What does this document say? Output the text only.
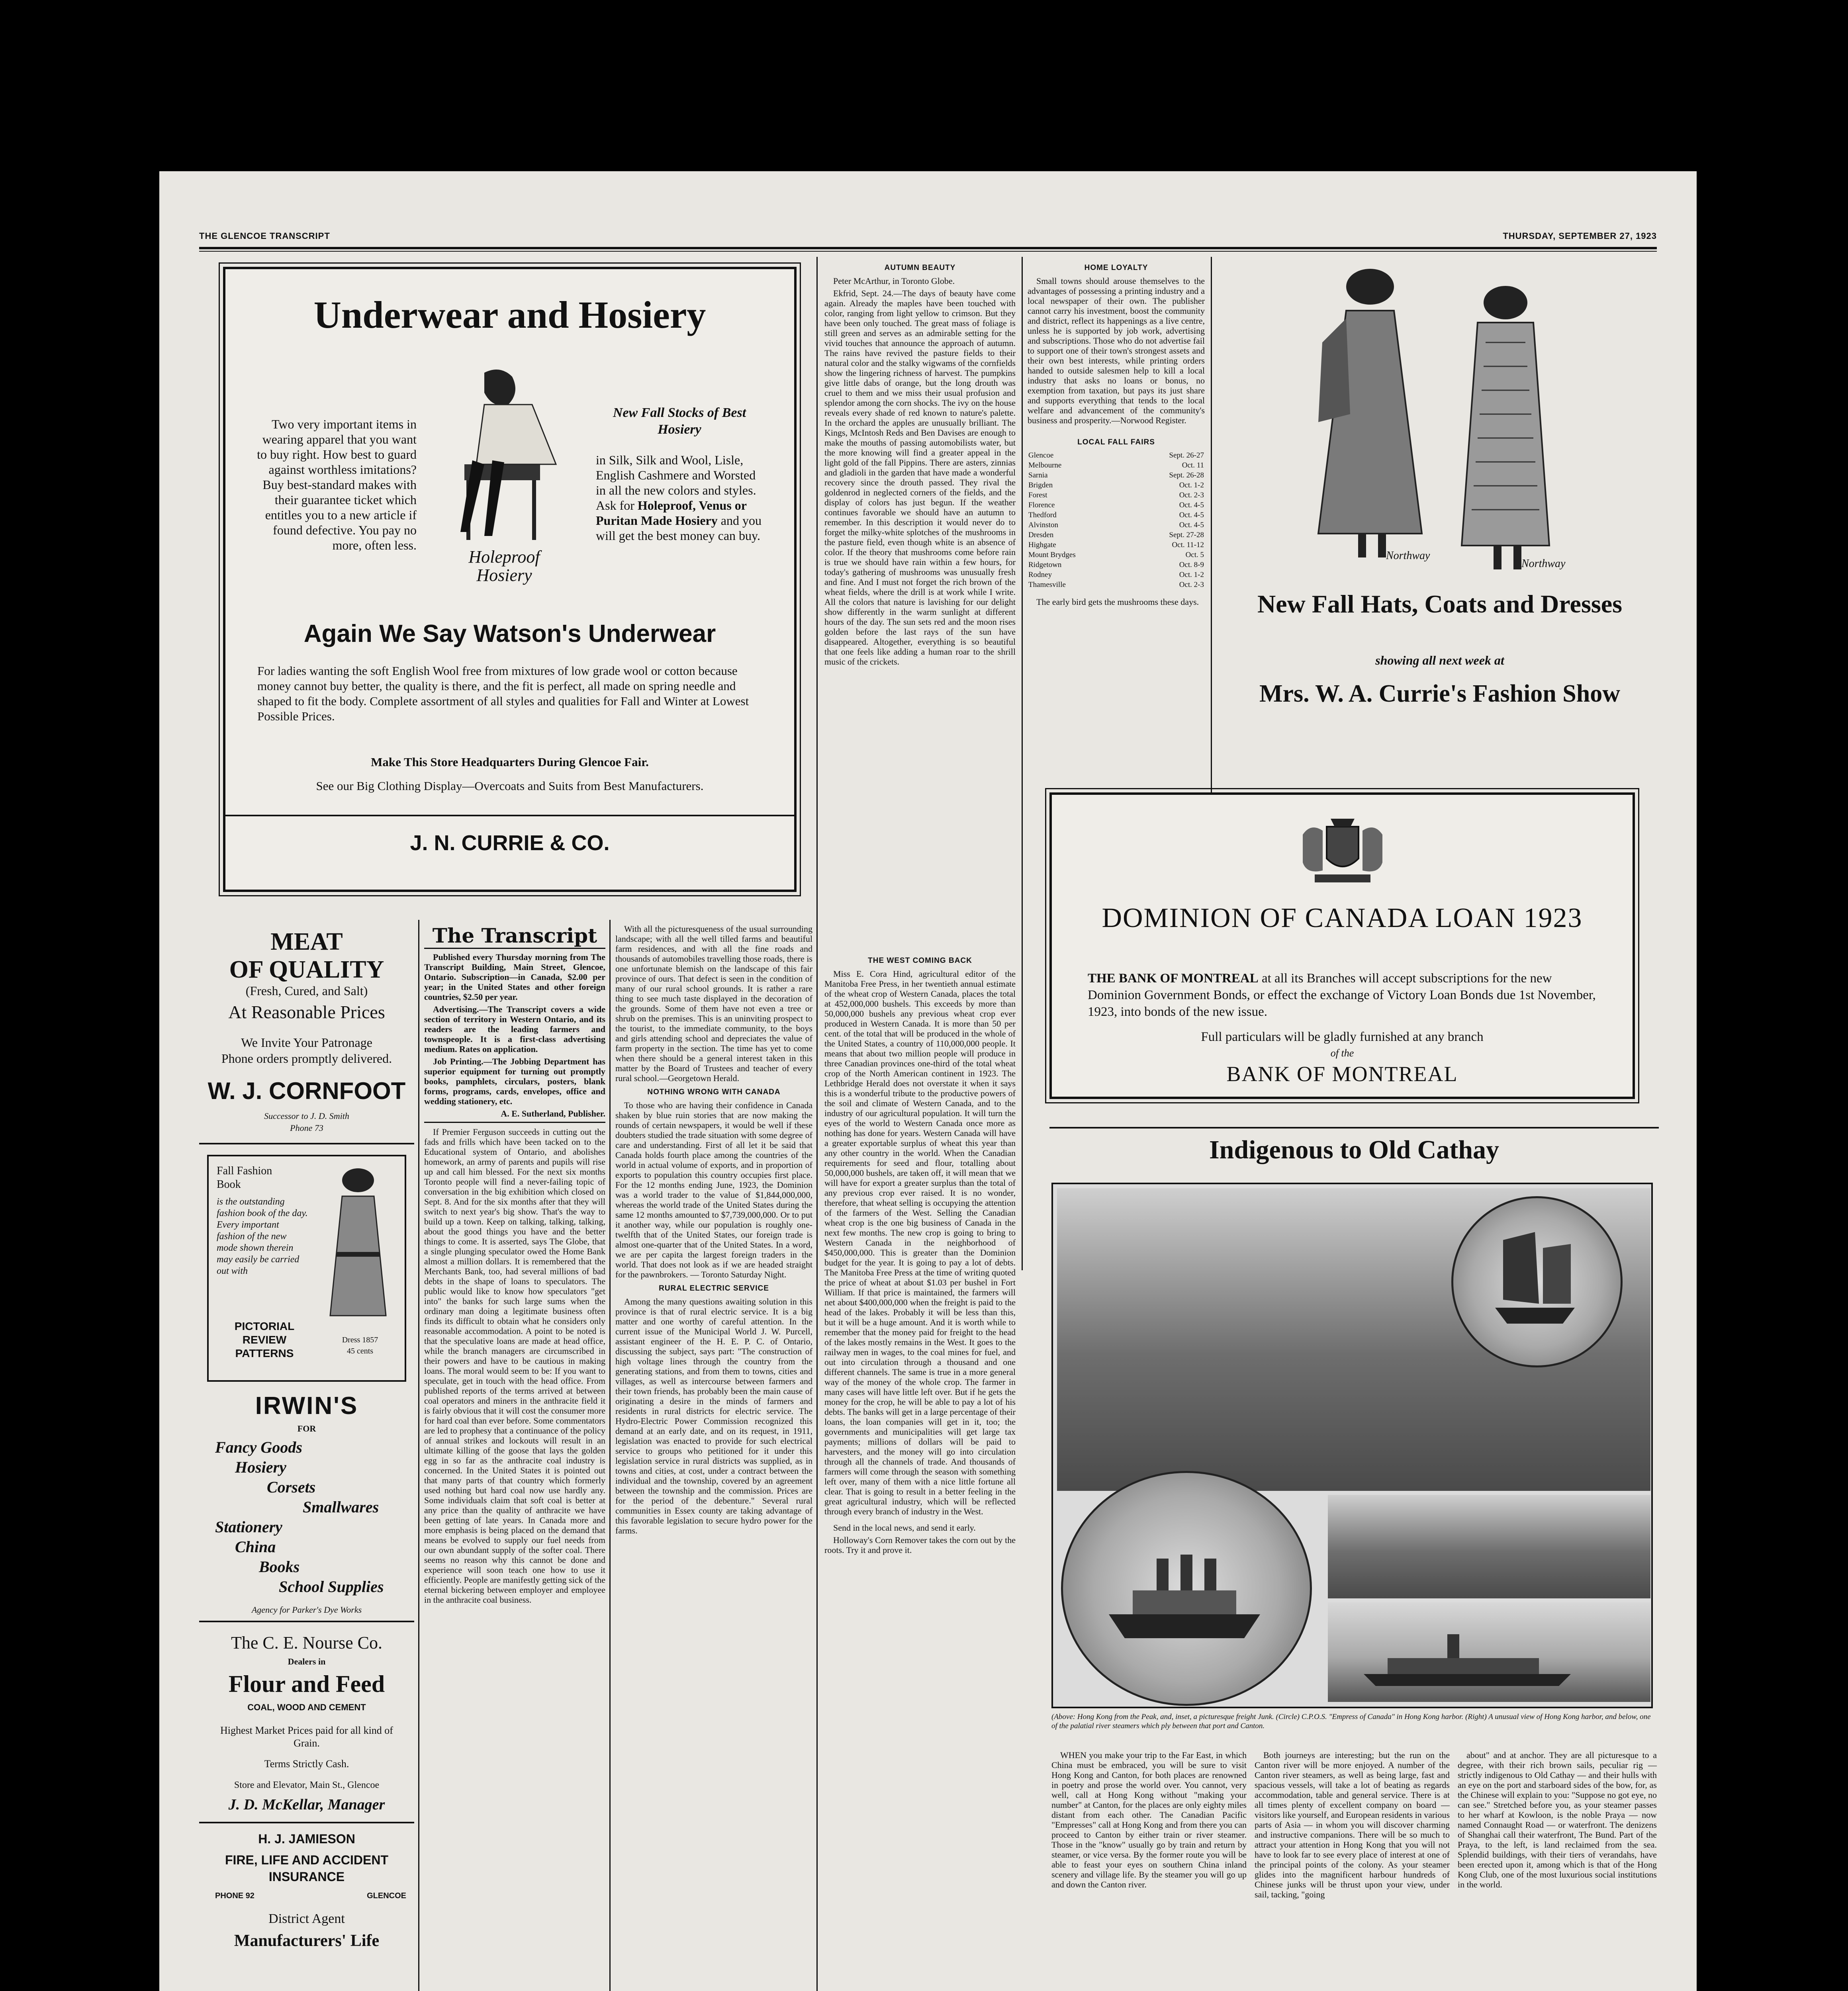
THE GLENCOE TRANSCRIPT	THURSDAY, SEPTEMBER 27, 1923
Underwear and Hosiery
Two very important items in wearing apparel that you want to buy right. How best to guard against worthless imitations? Buy best-standard makes with their guarantee ticket which entitles you to a new article if found defective. You pay no more, often less.
Holeproof Hosiery
New Fall Stocks of Best Hosiery
in Silk, Silk and Wool, Lisle, English Cashmere and Worsted in all the new colors and styles. Ask for Holeproof, Venus or Puritan Made Hosiery and you will get the best money can buy.
Again We Say Watson's Underwear
For ladies wanting the soft English Wool free from mixtures of low grade wool or cotton because money cannot buy better, the quality is there, and the fit is perfect, all made on spring needle and shaped to fit the body. Complete assortment of all styles and qualities for Fall and Winter at Lowest Possible Prices.
Make This Store Headquarters During Glencoe Fair.
See our Big Clothing Display—Overcoats and Suits from Best Manufacturers.
J. N. CURRIE & CO.
AUTUMN BEAUTY

Peter McArthur, in Toronto Globe.

Ekfrid, Sept. 24.—The days of beauty have come again. Already the maples have been touched with color, ranging from light yellow to crimson. But they have been only touched. The great mass of foliage is still green and serves as an admirable setting for the vivid touches that announce the approach of autumn. The rains have revived the pasture fields to their natural color and the stalky wigwams of the cornfields show the lingering richness of harvest. The pumpkins give little dabs of orange, but the long drouth was cruel to them and we miss their usual profusion and splendor among the corn shocks. The ivy on the house reveals every shade of red known to nature's palette. In the orchard the apples are unusually brilliant. The Kings, McIntosh Reds and Ben Davises are enough to make the mouths of passing automobilists water, but the more knowing will find a greater appeal in the light gold of the fall Pippins. There are asters, zinnias and gladioli in the garden that have made a wonderful recovery since the drouth passed. They rival the goldenrod in neglected corners of the fields, and the display of colors has just begun. If the weather continues favorable we should have an autumn to remember. In this description it would never do to forget the milky-white splotches of the mushrooms in the pasture field, even though white is an absence of color. If the theory that mushrooms come before rain is true we should have rain within a few hours, for today's gathering of mushrooms was unusually fresh and fine. And I must not forget the rich brown of the wheat fields, where the drill is at work while I write. All the colors that nature is lavishing for our delight show differently in the warm sunlight at different hours of the day. The sun sets red and the moon rises golden before the last rays of the sun have disappeared. Altogether, everything is so beautiful that one feels like adding a human roar to the shrill music of the crickets.

HOME LOYALTY

Small towns should arouse themselves to the advantages of possessing a printing industry and a local newspaper of their own. The publisher cannot carry his investment, boost the community and district, reflect its happenings as a live centre, unless he is supported by job work, advertising and subscriptions. Those who do not advertise fail to support one of their town's strongest assets and their own best interests, while printing orders handed to outside salesmen help to kill a local industry that asks no loans or bonus, no exemption from taxation, but pays its just share and supports everything that tends to the local welfare and advancement of the community's business and prosperity.—Norwood Register.

LOCAL FALL FAIRS
Glencoe	Sept. 26-27
Melbourne	Oct. 11
Sarnia	Sept. 26-28
Brigden	Oct. 1-2
Forest	Oct. 2-3
Florence	Oct. 4-5
Thedford	Oct. 4-5
Alvinston	Oct. 4-5
Dresden	Sept. 27-28
Highgate	Oct. 11-12
Mount Brydges	Oct. 5
Ridgetown	Oct. 8-9
Rodney	Oct. 1-2
Thamesville	Oct. 2-3

The early bird gets the mushrooms these days.

Northway
Northway
New Fall Hats, Coats and Dresses
showing all next week at
Mrs. W. A. Currie's Fashion Show
DOMINION OF CANADA LOAN 1923
THE BANK OF MONTREAL at all its Branches will accept subscriptions for the new Dominion Government Bonds, or effect the exchange of Victory Loan Bonds due 1st November, 1923, into bonds of the new issue.
Full particulars will be gladly furnished at any branch
of the
BANK OF MONTREAL
Indigenous to Old Cathay
(Above: Hong Kong from the Peak, and, inset, a picturesque freight Junk. (Circle) C.P.O.S. "Empress of Canada" in Hong Kong harbor. (Right) A unusual view of Hong Kong harbor, and below, one of the palatial river steamers which ply between that port and Canton.

WHEN you make your trip to the Far East, in which China must be embraced, you will be sure to visit Hong Kong and Canton, for both places are renowned in poetry and prose the world over. You cannot, very well, call at Hong Kong without "making your number" at Canton, for the places are only eighty miles distant from each other. The Canadian Pacific "Empresses" call at Hong Kong and from there you can proceed to Canton by either train or river steamer. Those in the "know" usually go by train and return by steamer, or vice versa. By the former route you will be able to feast your eyes on southern China inland scenery and village life. By the steamer you will go up and down the Canton river.

Both journeys are interesting; but the run on the Canton river will be more enjoyed. A number of the Canton river steamers, as well as being large, fast and spacious vessels, will take a lot of beating as regards accommodation, table and general service. There is at all times plenty of excellent company on board — visitors like yourself, and European residents in various parts of Asia — in whom you will discover charming and instructive companions. There will be so much to attract your attention in Hong Kong that you will not have to look far to see every place of interest at one of the principal points of the colony. As your steamer glides into the magnificent harbour hundreds of Chinese junks will be thrust upon your view, under sail, tacking, "going

about" and at anchor. They are all picturesque to a degree, with their rich brown sails, peculiar rig — strictly indigenous to Old Cathay — and their hulls with an eye on the port and starboard sides of the bow, for, as the Chinese will explain to you: "Suppose no got eye, no can see." Stretched before you, as your steamer passes to her wharf at Kowloon, is the noble Praya — now named Connaught Road — or waterfront. The denizens of Shanghai call their waterfront, The Bund. Part of the Praya, to the left, is land reclaimed from the sea. Splendid buildings, with their tiers of verandahs, have been erected upon it, among which is that of the Hong Kong Club, one of the most luxurious social institutions in the world.

THE WEST COMING BACK

Miss E. Cora Hind, agricultural editor of the Manitoba Free Press, in her twentieth annual estimate of the wheat crop of Western Canada, places the total at 452,000,000 bushels. This exceeds by more than 50,000,000 bushels any previous wheat crop ever produced in Western Canada. It is more than 50 per cent. of the total that will be produced in the whole of the United States, a country of 110,000,000 people. It means that about two million people will produce in three Canadian provinces one-third of the total wheat crop of the North American continent in 1923. The Lethbridge Herald does not overstate it when it says this is a wonderful tribute to the productive powers of the soil and climate of Western Canada, and to the industry of our agricultural population. It will turn the eyes of the world to Western Canada once more as nothing has done for years. Western Canada will have a greater exportable surplus of wheat this year than any other country in the world. When the Canadian requirements for seed and flour, totalling about 50,000,000 bushels, are taken off, it will mean that we will have for export a greater surplus than the total of any previous crop ever raised. It is no wonder, therefore, that wheat selling is occupying the attention of the farmers of the West. Selling the Canadian wheat crop is the one big business of Canada in the next few months. The new crop is going to bring to Western Canada in the neighborhood of $450,000,000. This is greater than the Dominion budget for the year. It is going to pay a lot of debts. The Manitoba Free Press at the time of writing quoted the price of wheat at about $1.03 per bushel in Fort William. If that price is maintained, the farmers will net about $400,000,000 when the freight is paid to the head of the lakes. Probably it will be less than this, but it will be a huge amount. And it is worth while to remember that the money paid for freight to the head of the lakes mostly remains in the West. It goes to the railway men in wages, to the coal mines for fuel, and out into circulation through a thousand and one different channels. The same is true in a more general way of the money of the whole crop. The farmer in many cases will have little left over. But if he gets the money for the crop, he will be able to pay a lot of his debts. The banks will get in a large percentage of their loans, the loan companies will get in it, too; the governments and municipalities will get large tax payments; millions of dollars will be paid to harvesters, and the money will go into circulation through all the channels of trade. And thousands of farmers will come through the season with something left over, many of them with a nice little fortune all clear. That is going to result in a better feeling in the great agricultural industry, which will be reflected through every branch of industry in the West.

Send in the local news, and send it early.

Holloway's Corn Remover takes the corn out by the roots. Try it and prove it.

MEAT
OF QUALITY
(Fresh, Cured, and Salt)
At Reasonable Prices
We Invite Your Patronage
Phone orders promptly delivered.
W. J. CORNFOOT
Successor to J. D. Smith
Phone 73
Fall Fashion Book
is the outstanding fashion book of the day. Every important fashion of the new mode shown therein may easily be carried out with
PICTORIAL REVIEW PATTERNS
Dress 1857
45 cents
IRWIN'S
FOR
Fancy Goods
Hosiery
Corsets
Smallwares
Stationery
China
Books
School Supplies
Agency for Parker's Dye Works
The C. E. Nourse Co.
Dealers in
Flour and Feed
COAL, WOOD AND CEMENT
Highest Market Prices paid for all kind of Grain.
Terms Strictly Cash.
Store and Elevator, Main St., Glencoe
J. D. McKellar, Manager
H. J. JAMIESON
FIRE, LIFE AND ACCIDENT INSURANCE
PHONE 92	GLENCOE
District Agent
Manufacturers' Life
The Transcript

Published every Thursday morning from The Transcript Building, Main Street, Glencoe, Ontario. Subscription—in Canada, $2.00 per year; in the United States and other foreign countries, $2.50 per year.

Advertising.—The Transcript covers a wide section of territory in Western Ontario, and its readers are the leading farmers and townspeople. It is a first-class advertising medium. Rates on application.

Job Printing.—The Jobbing Department has superior equipment for turning out promptly books, pamphlets, circulars, posters, blank forms, programs, cards, envelopes, office and wedding stationery, etc.

A. E. Sutherland, Publisher.

If Premier Ferguson succeeds in cutting out the fads and frills which have been tacked on to the Educational system of Ontario, and abolishes homework, an army of parents and pupils will rise up and call him blessed. For the next six months Toronto people will find a never-failing topic of conversation in the big exhibition which closed on Sept. 8. And for the six months after that they will switch to next year's big show. That's the way to build up a town. Keep on talking, talking, talking, about the good things you have and the better things to come. It is asserted, says The Globe, that a single plunging speculator owed the Home Bank almost a million dollars. It is remembered that the Merchants Bank, too, had several millions of bad debts in the shape of loans to speculators. The public would like to know how speculators "get into" the banks for such large sums when the ordinary man doing a legitimate business often finds its difficult to obtain what he considers only reasonable accommodation. A point to be noted is that the speculative loans are made at head office, while the branch managers are circumscribed in their powers and have to be cautious in making loans. The moral would seem to be: If you want to speculate, get in touch with the head office. From published reports of the terms arrived at between coal operators and miners in the anthracite field it is fairly obvious that it will cost the consumer more for hard coal than ever before. Some commentators are led to prophesy that a continuance of the policy of annual strikes and lockouts will result in an ultimate killing of the goose that lays the golden egg in so far as the anthracite coal industry is concerned. In the United States it is pointed out that many parts of that country which formerly used nothing but hard coal now use hardly any. Some individuals claim that soft coal is better at any price than the quality of anthracite we have been getting of late years. In Canada more and more emphasis is being placed on the demand that means be evolved to supply our fuel needs from our own abundant supply of the softer coal. There seems no reason why this cannot be done and experience will soon teach one how to use it efficiently. People are manifestly getting sick of the eternal bickering between employer and employee in the anthracite coal business.

With all the picturesqueness of the usual surrounding landscape; with all the well tilled farms and beautiful farm residences, and with all the fine roads and thousands of automobiles travelling those roads, there is one unfortunate blemish on the landscape of this fair province of ours. That defect is seen in the condition of many of our rural school grounds. It is rather a rare thing to see much taste displayed in the decoration of the grounds. Some of them have not even a tree or shrub on the premises. This is an uninviting prospect to the tourist, to the immediate community, to the boys and girls attending school and depreciates the value of farm property in the section. The time has yet to come when there should be a general interest taken in this matter by the Board of Trustees and teacher of every rural school.—Georgetown Herald.

NOTHING WRONG WITH CANADA

To those who are having their confidence in Canada shaken by blue ruin stories that are now making the rounds of certain newspapers, it would be well if these doubters studied the trade situation with some degree of care and understanding. First of all let it be said that Canada holds fourth place among the countries of the world in actual volume of exports, and in proportion of exports to population this country occupies first place. For the 12 months ending June, 1923, the Dominion was a world trader to the value of $1,844,000,000, whereas the world trade of the United States during the same 12 months amounted to $7,739,000,000. Or to put it another way, while our population is roughly one-twelfth that of the United States, our foreign trade is almost one-quarter that of the United States. In a word, we are per capita the largest foreign traders in the world. That does not look as if we are headed straight for the pawnbrokers. — Toronto Saturday Night.

RURAL ELECTRIC SERVICE

Among the many questions awaiting solution in this province is that of rural electric service. It is a big matter and one worthy of careful attention. In the current issue of the Municipal World J. W. Purcell, assistant engineer of the H. E. P. C. of Ontario, discussing the subject, says part: "The construction of high voltage lines through the country from the generating stations, and from them to towns, cities and villages, as well as intercourse between farmers and their town friends, has probably been the main cause of originating a desire in the minds of farmers and residents in rural districts for electric service. The Hydro-Electric Power Commission recognized this demand at an early date, and on its request, in 1911, legislation was enacted to provide for such electrical service to groups who petitioned for it under this legislation service in rural districts was supplied, as in towns and cities, at cost, under a contract between the individual and the township, covered by an agreement between the township and the commission. Prices are for the period of the debenture." Several rural communities in Essex county are taking advantage of this favorable legislation to secure hydro power for the farms.
